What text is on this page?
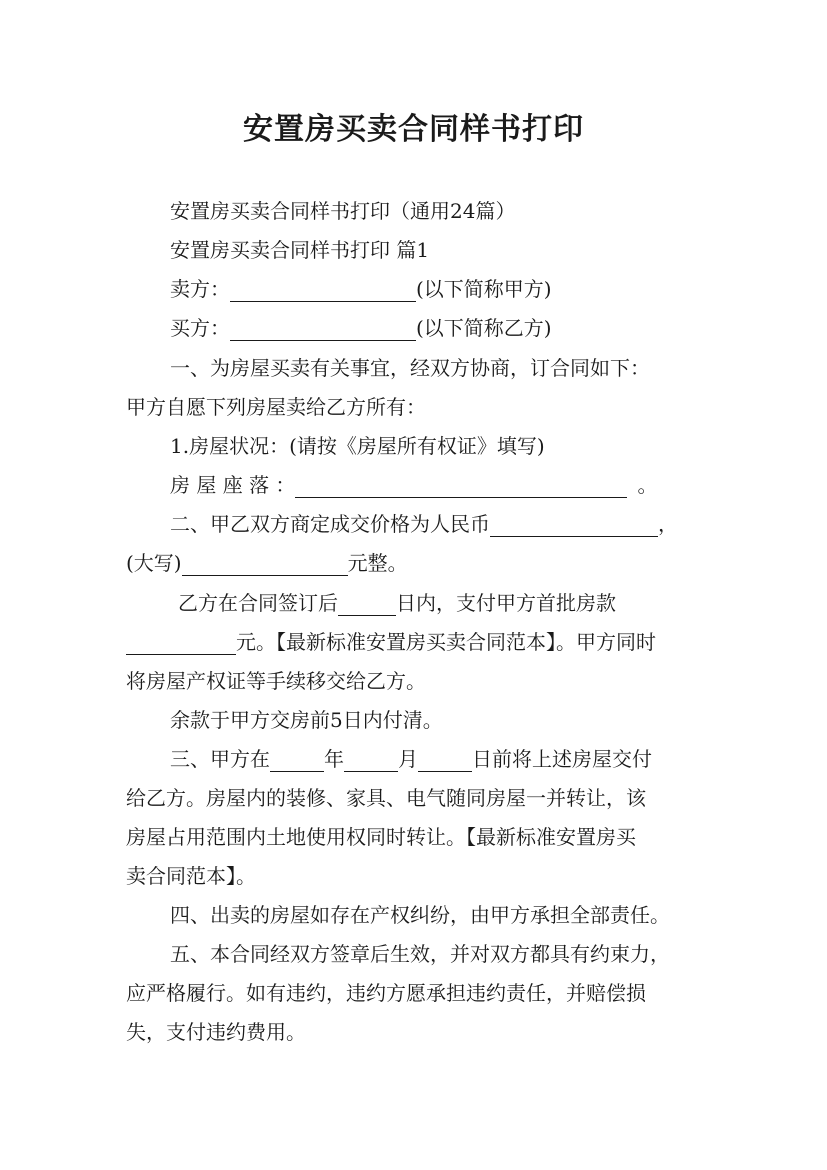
安置房买卖合同样书打印
安置房买卖合同样书打印（通用24篇）
安置房买卖合同样书打印 篇1
卖方：	(以下简称甲方)
买方：	(以下简称乙方)
一、为房屋买卖有关事宜，经双方协商，订合同如下：
甲方自愿下列房屋卖给乙方所有：
1.房屋状况：(请按《房屋所有权证》填写)
房 屋 座 落 ：	。
二、甲乙双方商定成交价格为人民币	，
(大写)	元整。
乙方在合同签订后	日内，支付甲方首批房款
元。【最新标准安置房买卖合同范本】。甲方同时
将房屋产权证等手续移交给乙方。
余款于甲方交房前5日内付清。
三、甲方在	年	月	日前将上述房屋交付
给乙方。房屋内的装修、家具、电气随同房屋一并转让，该
房屋占用范围内土地使用权同时转让。【最新标准安置房买
卖合同范本】。
四、出卖的房屋如存在产权纠纷，由甲方承担全部责任。
五、本合同经双方签章后生效，并对双方都具有约束力，
应严格履行。如有违约，违约方愿承担违约责任，并赔偿损
失，支付违约费用。
